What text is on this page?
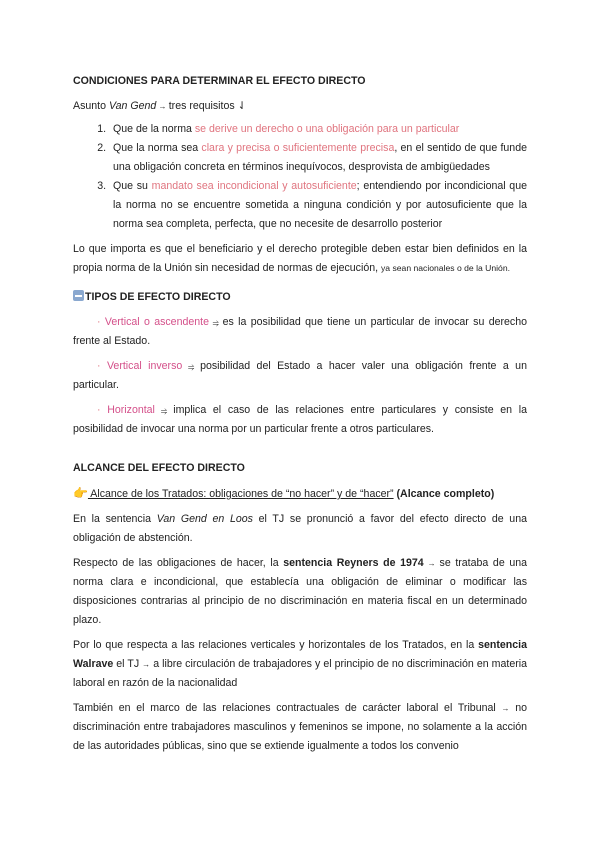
CONDICIONES PARA DETERMINAR EL EFECTO DIRECTO

Asunto Van Gend → tres requisitos ⇃

1. Que de la norma se derive un derecho o una obligación para un particular
2. Que la norma sea clara y precisa o suficientemente precisa, en el sentido de que funde una obligación concreta en términos inequívocos, desprovista de ambigüedades
3. Que su mandato sea incondicional y autosuficiente; entendiendo por incondicional que la norma no se encuentre sometida a ninguna condición y por autosuficiente que la norma sea completa, perfecta, que no necesite de desarrollo posterior

Lo que importa es que el beneficiario y el derecho protegible deben estar bien definidos en la propia norma de la Unión sin necesidad de normas de ejecución, ya sean nacionales o de la Unión.

TIPOS DE EFECTO DIRECTO

· Vertical o ascendente ⥤ es la posibilidad que tiene un particular de invocar su derecho frente al Estado.

· Vertical inverso ⥤ posibilidad del Estado a hacer valer una obligación frente a un particular.

· Horizontal ⥤ implica el caso de las relaciones entre particulares y consiste en la posibilidad de invocar una norma por un particular frente a otros particulares.

ALCANCE DEL EFECTO DIRECTO

👉 Alcance de los Tratados: obligaciones de “no hacer” y de “hacer” (Alcance completo)

En la sentencia Van Gend en Loos el TJ se pronunció a favor del efecto directo de una obligación de abstención.

Respecto de las obligaciones de hacer, la sentencia Reyners de 1974 → se trataba de una norma clara e incondicional, que establecía una obligación de eliminar o modificar las disposiciones contrarias al principio de no discriminación en materia fiscal en un determinado plazo.

Por lo que respecta a las relaciones verticales y horizontales de los Tratados, en la sentencia Walrave el TJ → a libre circulación de trabajadores y el principio de no discriminación en materia laboral en razón de la nacionalidad

También en el marco de las relaciones contractuales de carácter laboral el Tribunal → no discriminación entre trabajadores masculinos y femeninos se impone, no solamente a la acción de las autoridades públicas, sino que se extiende igualmente a todos los convenio
